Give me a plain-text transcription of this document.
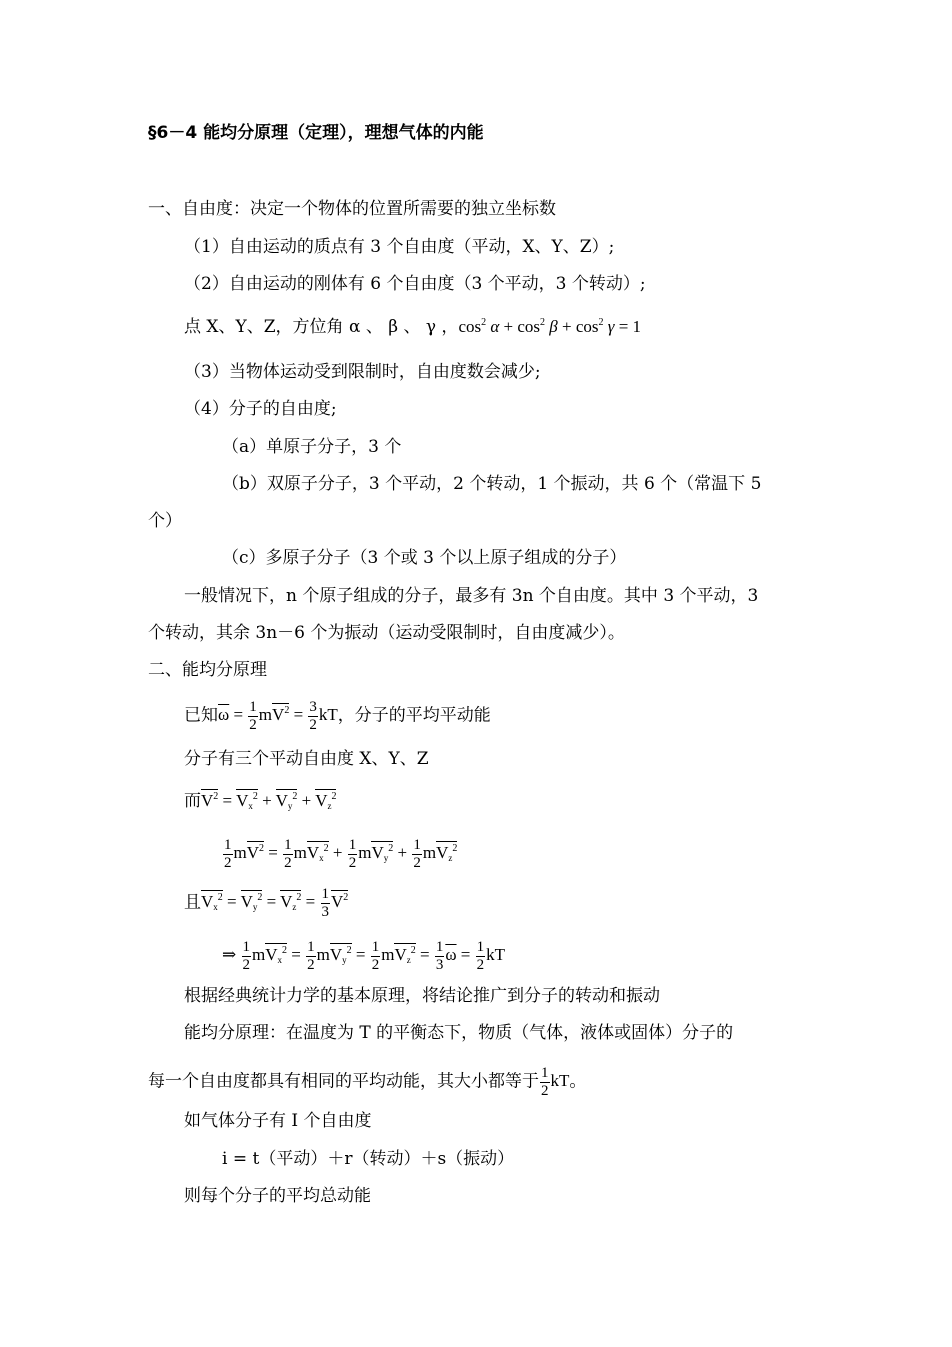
§6－4 能均分原理（定理），理想气体的内能
一、自由度：决定一个物体的位置所需要的独立坐标数
（1）自由运动的质点有 3 个自由度（平动，X、Y、Z）;
（2）自由运动的刚体有 6 个自由度（3 个平动，3 个转动）;
点 X、Y、Z，方位角 α 、 β 、 γ ，$\cos^2 \alpha + \cos^2 \beta + \cos^2 \gamma = 1$
（3）当物体运动受到限制时，自由度数会减少;
（4）分子的自由度;
（a）单原子分子，3 个
（b）双原子分子，3 个平动，2 个转动，1 个振动，共 6 个（常温下 5
个）
（c）多原子分子（3 个或 3 个以上原子组成的分子）
一般情况下，n 个原子组成的分子，最多有 3n 个自由度。其中 3 个平动，3
个转动，其余 3n－6 个为振动（运动受限制时，自由度减少）。
二、能均分原理
已知$\overline{\omega} = \frac{1}{2} mV^2 = \frac{3}{2}$ kT，分子的平均平动能
分子有三个平动自由度 X、Y、Z
而$V^2 = V_x^2 + V_y^2 + V_z^2$
$\frac{1}{2} mV^2 = \frac{1}{2} mV_x^2 + \frac{1}{2} mV_y^2 + \frac{1}{2} mV_z^2$
且$V_x^2 = V_y^2 = V_z^2 = \frac{1}{3} V^2$
⇒ $\frac{1}{2} mV_x^2 = \frac{1}{2} mV_y^2 = \frac{1}{2} mV_z^2 = \frac{1}{3} \overline{\omega} = \frac{1}{2}$ kT
根据经典统计力学的基本原理，将结论推广到分子的转动和振动
能均分原理：在温度为 T 的平衡态下，物质（气体，液体或固体）分子的
每一个自由度都具有相同的平均动能，其大小都等于 $\frac{1}{2}$ kT。
如气体分子有 I 个自由度
i = t（平动）＋r（转动）＋s（振动）
则每个分子的平均总动能
